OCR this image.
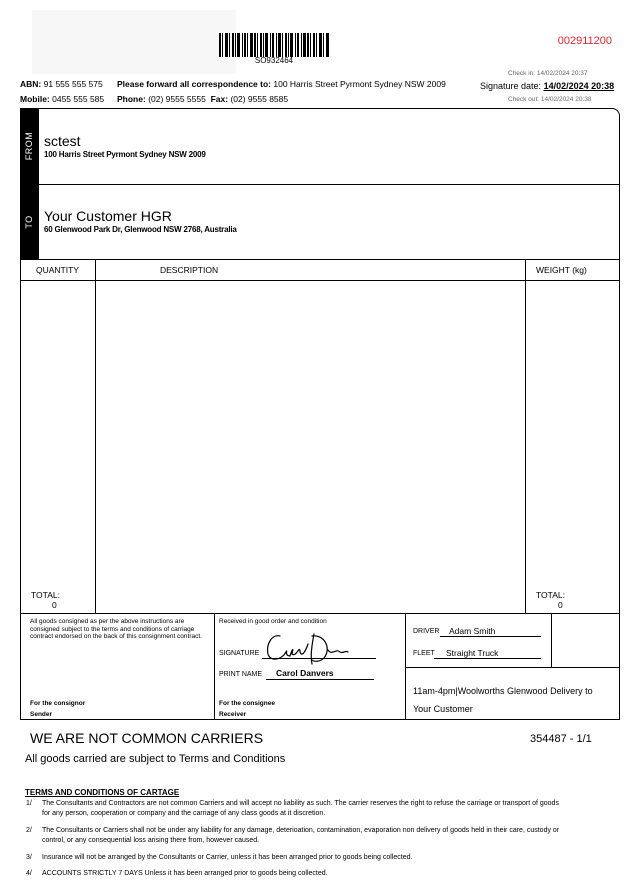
SO932464
002911200
ABN: 91 555 555 575
Mobile: 0455 555 585
Please forward all correspondence to: 100 Harris Street Pyrmont Sydney NSW 2009
Phone: (02) 9555 5555 Fax: (02) 9555 8585
Check in: 14/02/2024 20:37
Signature date: 14/02/2024 20:38
Check out: 14/02/2024 20:38
FROM sctest
100 Harris Street Pyrmont Sydney NSW 2009
TO Your Customer HGR
60 Glenwood Park Dr, Glenwood NSW 2768, Australia
QUANTITY	DESCRIPTION	WEIGHT (kg)
TOTAL:
0
TOTAL:
0
All goods consigned as per the above instructions are consigned subject to the terms and conditions of carriage contract endorsed on the back of this consignment contract.
For the consignor
Sender
Received in good order and condition
SIGNATURE
PRINT NAME Carol Danvers
For the consignee
Receiver
DRIVER Adam Smith
FLEET Straight Truck
11am-4pm|Woolworths Glenwood Delivery to
Your Customer
WE ARE NOT COMMON CARRIERS	354487 - 1/1
All goods carried are subject to Terms and Conditions
TERMS AND CONDITIONS OF CARTAGE
1/ The Consultants and Contractors are not common Carriers and will accept no liability as such. The carrier reserves the right to refuse the carriage or transport of goods
for any person, cooperation or company and the carriage of any class goods at it discretion.
2/ The Consultants or Carriers shall not be under any liability for any damage, deterioation, contamination, evaporation non delivery of goods held in their care, custody or
control, or any consequential loss arising there from, however caused.
3/ Insurance will not be arranged by the Consultants or Carrier, unless it has been arranged prior to goods being collected.
4/ ACCOUNTS STRICTLY 7 DAYS Unless it has been arranged prior to goods being collected.
